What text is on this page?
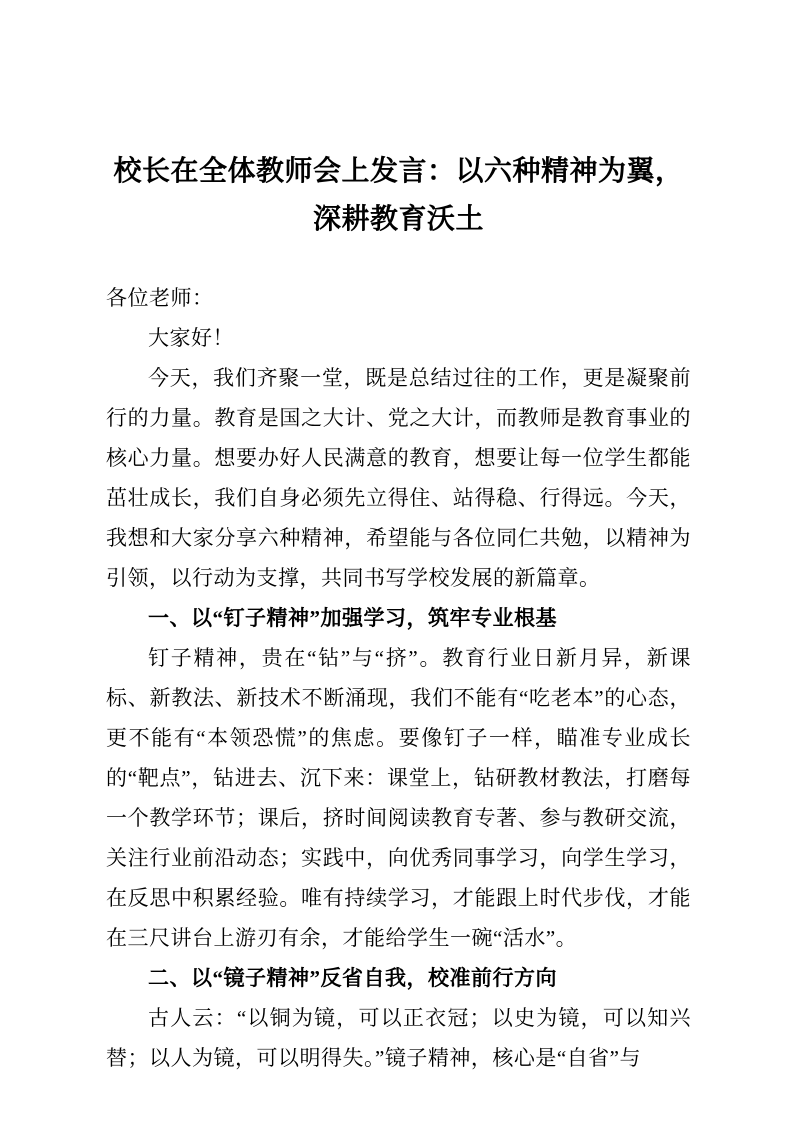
校长在全体教师会上发言：以六种精神为翼，深耕教育沃土

各位老师：

大家好！

今天，我们齐聚一堂，既是总结过往的工作，更是凝聚前行的力量。教育是国之大计、党之大计，而教师是教育事业的核心力量。想要办好人民满意的教育，想要让每一位学生都能茁壮成长，我们自身必须先立得住、站得稳、行得远。今天，我想和大家分享六种精神，希望能与各位同仁共勉，以精神为引领，以行动为支撑，共同书写学校发展的新篇章。

一、以“钉子精神”加强学习，筑牢专业根基

钉子精神，贵在“钻”与“挤”。教育行业日新月异，新课标、新教法、新技术不断涌现，我们不能有“吃老本”的心态，更不能有“本领恐慌”的焦虑。要像钉子一样，瞄准专业成长的“靶点”，钻进去、沉下来：课堂上，钻研教材教法，打磨每一个教学环节；课后，挤时间阅读教育专著、参与教研交流，关注行业前沿动态；实践中，向优秀同事学习，向学生学习，在反思中积累经验。唯有持续学习，才能跟上时代步伐，才能在三尺讲台上游刃有余，才能给学生一碗“活水”。

二、以“镜子精神”反省自我，校准前行方向

古人云：“以铜为镜，可以正衣冠；以史为镜，可以知兴替；以人为镜，可以明得失。”镜子精神，核心是“自省”与
